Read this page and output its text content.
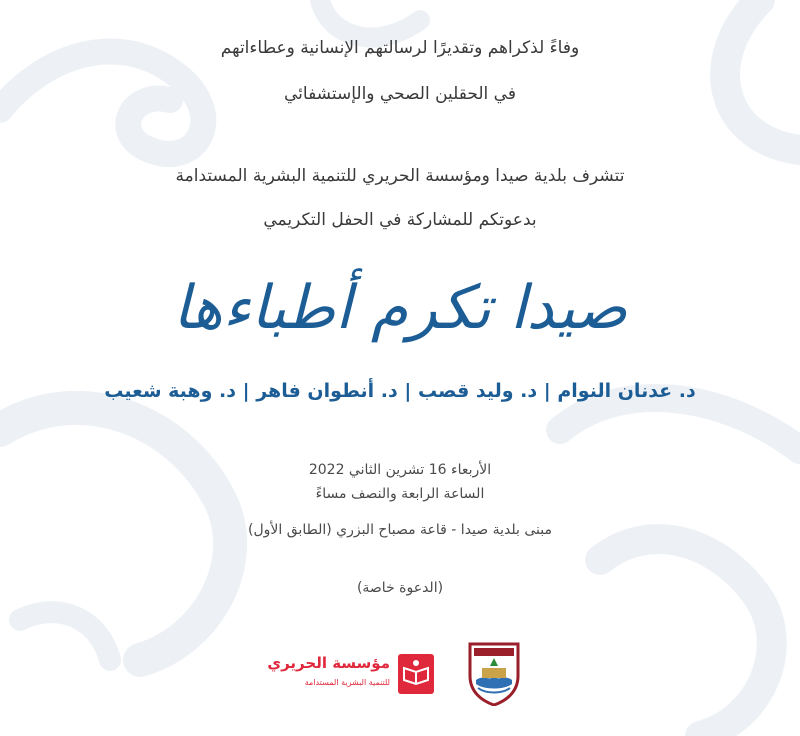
وفاءً لذكراهم وتقديرًا لرسالتهم الإنسانية وعطاءاتهم
في الحقلين الصحي والإستشفائي
تتشرف بلدية صيدا ومؤسسة الحريري للتنمية البشرية المستدامة
بدعوتكم للمشاركة في الحفل التكريمي
صيدا تكرم أطباءها
د. عدنان النوام | د. وليد قصب | د. أنطوان فاهر | د. وهبة شعيب
الأربعاء 16 تشرين الثاني 2022
الساعة الرابعة والنصف مساءً
مبنى بلدية صيدا - قاعة مصباح البزري (الطابق الأول)
(الدعوة خاصة)
مؤسسة الحريري
للتنمية البشرية المستدامة
